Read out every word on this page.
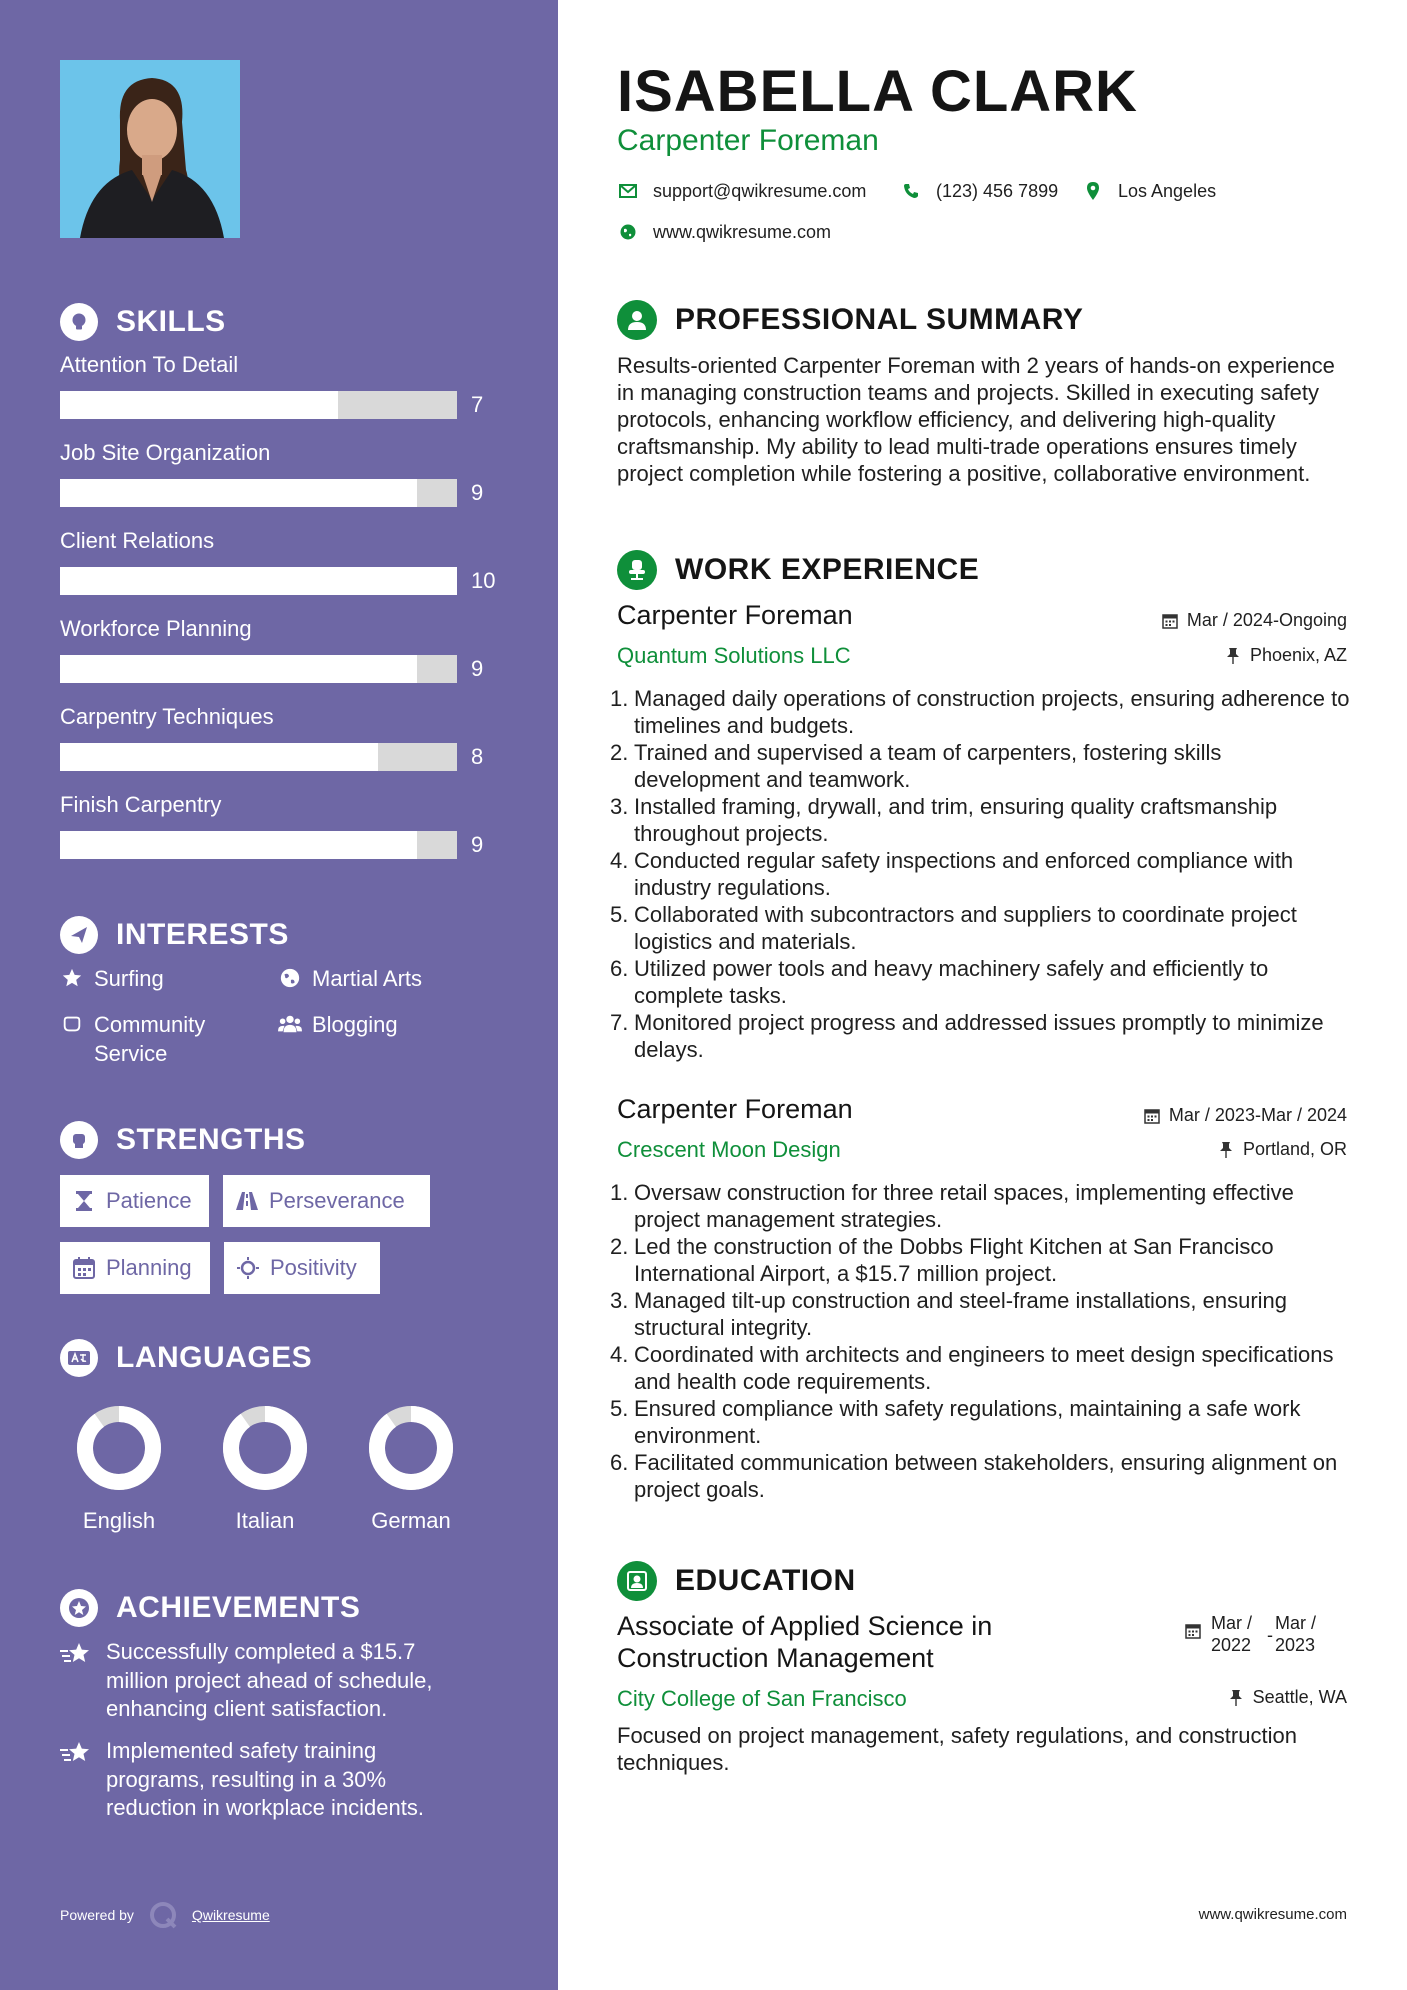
SKILLS
Attention To Detail
7
Job Site Organization
9
Client Relations
10
Workforce Planning
9
Carpentry Techniques
8
Finish Carpentry
9
INTERESTS
Surfing	Martial Arts
Community Service
Blogging
STRENGTHS
Patience	Perseverance
Planning	Positivity
LANGUAGES
English	Italian	German
ACHIEVEMENTS
Successfully completed a $15.7 million project ahead of schedule, enhancing client satisfaction.
Implemented safety training programs, resulting in a 30% reduction in workplace incidents.
Powered by	Qwikresume
ISABELLA CLARK
Carpenter Foreman
support@qwikresume.com	(123) 456 7899	Los Angeles
www.qwikresume.com
PROFESSIONAL SUMMARY
Results-oriented Carpenter Foreman with 2 years of hands-on experience in managing construction teams and projects. Skilled in executing safety protocols, enhancing workflow efficiency, and delivering high-quality craftsmanship. My ability to lead multi-trade operations ensures timely project completion while fostering a positive, collaborative environment.
WORK EXPERIENCE
Carpenter Foreman
Quantum Solutions LLC
Mar / 2024-Ongoing
Phoenix, AZ
1. Managed daily operations of construction projects, ensuring adherence to timelines and budgets.
2. Trained and supervised a team of carpenters, fostering skills development and teamwork.
3. Installed framing, drywall, and trim, ensuring quality craftsmanship throughout projects.
4. Conducted regular safety inspections and enforced compliance with industry regulations.
5. Collaborated with subcontractors and suppliers to coordinate project logistics and materials.
6. Utilized power tools and heavy machinery safely and efficiently to complete tasks.
7. Monitored project progress and addressed issues promptly to minimize delays.
Carpenter Foreman
Crescent Moon Design
Mar / 2023-Mar / 2024
Portland, OR
1. Oversaw construction for three retail spaces, implementing effective project management strategies.
2. Led the construction of the Dobbs Flight Kitchen at San Francisco International Airport, a $15.7 million project.
3. Managed tilt-up construction and steel-frame installations, ensuring structural integrity.
4. Coordinated with architects and engineers to meet design specifications and health code requirements.
5. Ensured compliance with safety regulations, maintaining a safe work environment.
6. Facilitated communication between stakeholders, ensuring alignment on project goals.
EDUCATION
Associate of Applied Science in Construction Management
Mar / 2022 -
Mar / 2023
City College of San Francisco	Seattle, WA
Focused on project management, safety regulations, and construction techniques.
www.qwikresume.com
